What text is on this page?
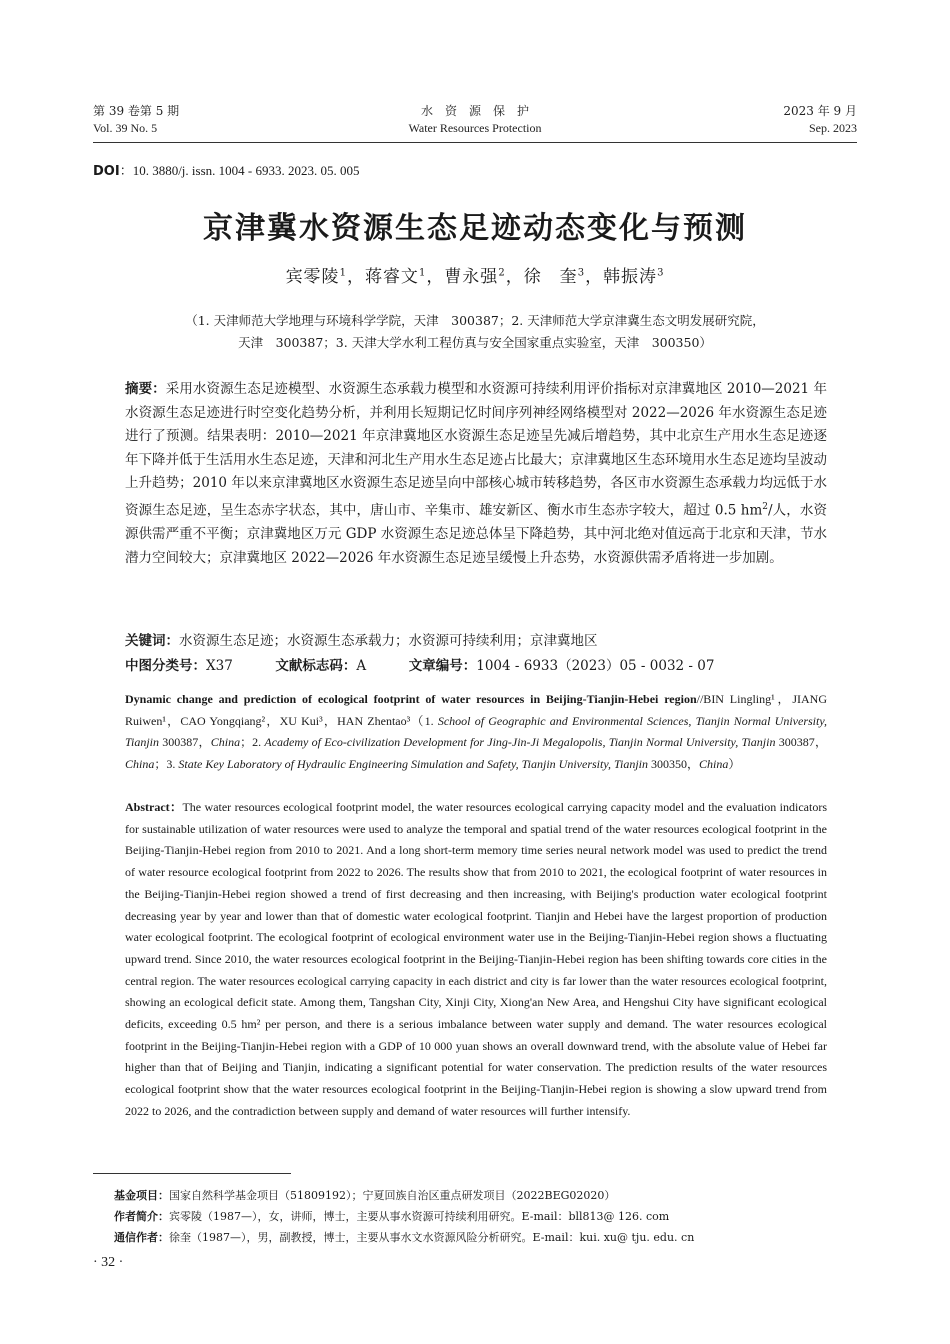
第 39 卷第 5 期
Vol. 39 No. 5
水　资　源　保　护
Water Resources Protection
2023 年 9 月
Sep. 2023
DOI：10. 3880/j. issn. 1004 - 6933. 2023. 05. 005
京津冀水资源生态足迹动态变化与预测
宾零陵$^1$，蒋睿文$^1$，曹永强$^2$，徐　奎$^3$，韩振涛$^3$
（1. 天津师范大学地理与环境科学学院，天津　300387；2. 天津师范大学京津冀生态文明发展研究院，
天津　300387；3. 天津大学水利工程仿真与安全国家重点实验室，天津　300350）
摘要：采用水资源生态足迹模型、水资源生态承载力模型和水资源可持续利用评价指标对京津冀地区 2010—2021 年水资源生态足迹进行时空变化趋势分析，并利用长短期记忆时间序列神经网络模型对 2022—2026 年水资源生态足迹进行了预测。结果表明：2010—2021 年京津冀地区水资源生态足迹呈先减后增趋势，其中北京生产用水生态足迹逐年下降并低于生活用水生态足迹，天津和河北生产用水生态足迹占比最大；京津冀地区生态环境用水生态足迹均呈波动上升趋势；2010 年以来京津冀地区水资源生态足迹呈向中部核心城市转移趋势，各区市水资源生态承载力均远低于水资源生态足迹，呈生态赤字状态，其中，唐山市、辛集市、雄安新区、衡水市生态赤字较大，超过 0.5 $hm^2/$人，水资源供需严重不平衡；京津冀地区万元 GDP 水资源生态足迹总体呈下降趋势，其中河北绝对值远高于北京和天津，节水潜力空间较大；京津冀地区 2022—2026 年水资源生态足迹呈缓慢上升态势，水资源供需矛盾将进一步加剧。
关键词：水资源生态足迹；水资源生态承载力；水资源可持续利用；京津冀地区
中图分类号：X37	文献标志码：A	文章编号：1004 - 6933（2023）05 - 0032 - 07
Dynamic change and prediction of ecological footprint of water resources in Beijing-Tianjin-Hebei region//BIN Lingling¹，JIANG Ruiwen¹，CAO Yongqiang²，XU Kui³，HAN Zhentao³（1. School of Geographic and Environmental Sciences, Tianjin Normal University, Tianjin 300387，China；2. Academy of Eco-civilization Development for Jing-Jin-Ji Megalopolis, Tianjin Normal University, Tianjin 300387，China；3. State Key Laboratory of Hydraulic Engineering Simulation and Safety, Tianjin University, Tianjin 300350，China）
Abstract：The water resources ecological footprint model, the water resources ecological carrying capacity model and the evaluation indicators for sustainable utilization of water resources were used to analyze the temporal and spatial trend of the water resources ecological footprint in the Beijing-Tianjin-Hebei region from 2010 to 2021. And a long short-term memory time series neural network model was used to predict the trend of water resource ecological footprint from 2022 to 2026. The results show that from 2010 to 2021, the ecological footprint of water resources in the Beijing-Tianjin-Hebei region showed a trend of first decreasing and then increasing, with Beijing's production water ecological footprint decreasing year by year and lower than that of domestic water ecological footprint. Tianjin and Hebei have the largest proportion of production water ecological footprint. The ecological footprint of ecological environment water use in the Beijing-Tianjin-Hebei region shows a fluctuating upward trend. Since 2010, the water resources ecological footprint in the Beijing-Tianjin-Hebei region has been shifting towards core cities in the central region. The water resources ecological carrying capacity in each district and city is far lower than the water resources ecological footprint, showing an ecological deficit state. Among them, Tangshan City, Xinji City, Xiong'an New Area, and Hengshui City have significant ecological deficits, exceeding 0.5 hm² per person, and there is a serious imbalance between water supply and demand. The water resources ecological footprint in the Beijing-Tianjin-Hebei region with a GDP of 10 000 yuan shows an overall downward trend, with the absolute value of Hebei far higher than that of Beijing and Tianjin, indicating a significant potential for water conservation. The prediction results of the water resources ecological footprint show that the water resources ecological footprint in the Beijing-Tianjin-Hebei region is showing a slow upward trend from 2022 to 2026, and the contradiction between supply and demand of water resources will further intensify.
基金项目：国家自然科学基金项目（51809192）；宁夏回族自治区重点研发项目（2022BEG02020）
作者简介：宾零陵（1987—），女，讲师，博士，主要从事水资源可持续利用研究。E-mail：bll813@ 126. com
通信作者：徐奎（1987—），男，副教授，博士，主要从事水文水资源风险分析研究。E-mail：kui. xu@ tju. edu. cn
· 32 ·
